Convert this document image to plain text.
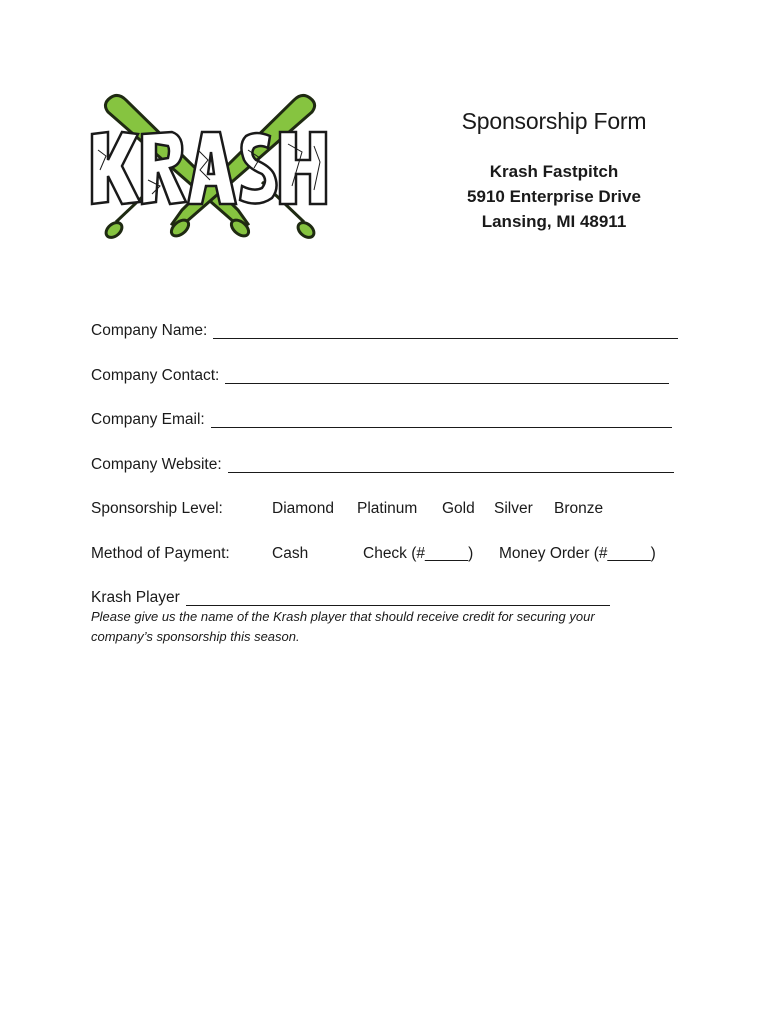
Sponsorship Form
Krash Fastpitch
5910 Enterprise Drive
Lansing, MI 48911
Company Name:
Company Contact:
Company Email:
Company Website:
Sponsorship Level:	Diamond	Platinum	Gold	Silver	Bronze
Method of Payment:	Cash	Check (#_____)	Money Order (#_____)
Krash Player
Please give us the name of the Krash player that should receive credit for securing your company’s sponsorship this season.
